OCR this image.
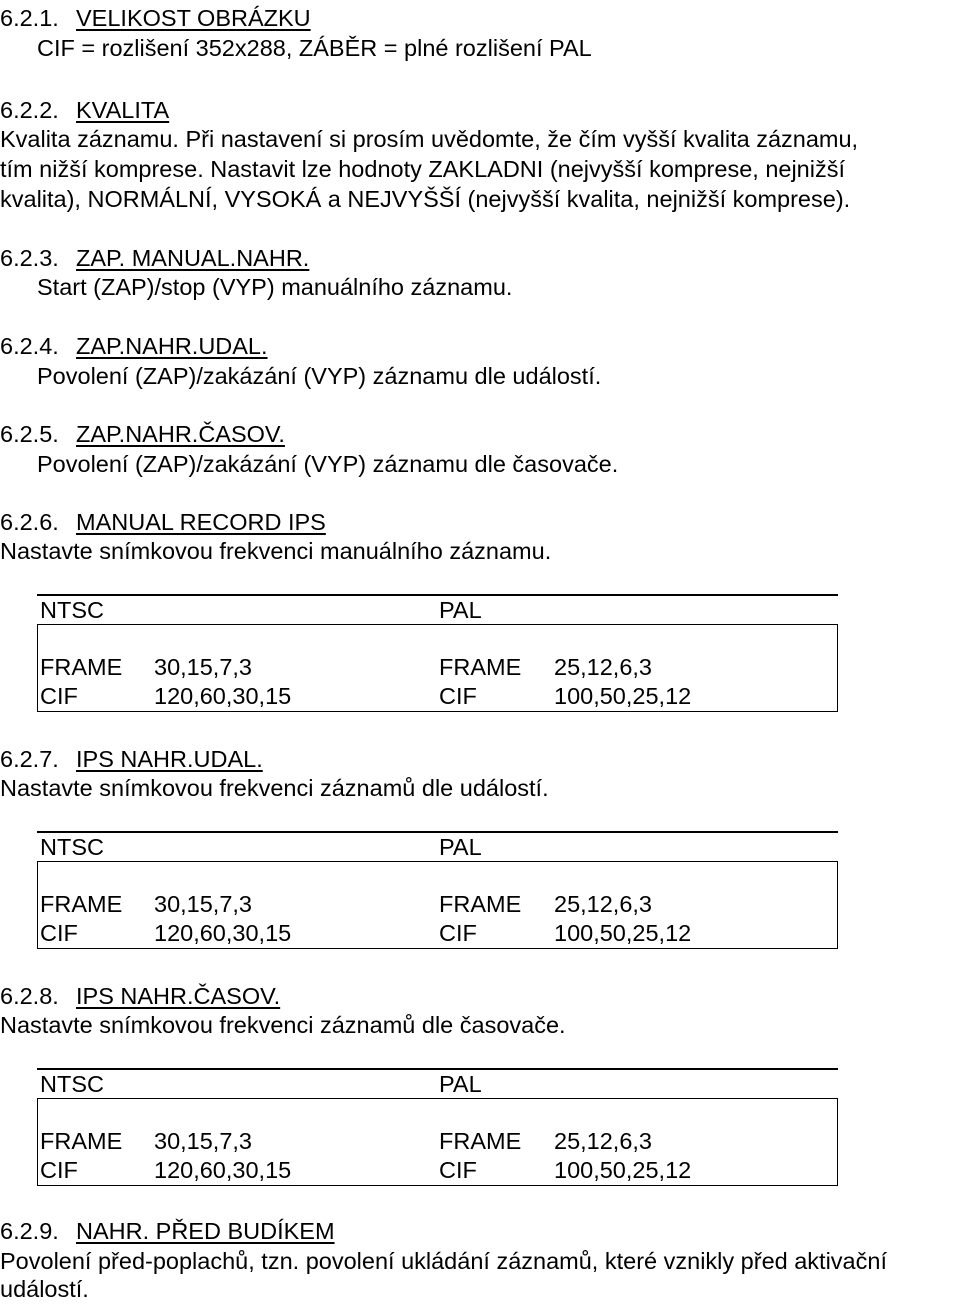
6.2.1. VELIKOST OBRÁZKU
CIF = rozlišení 352x288, ZÁBĚR = plné rozlišení PAL
6.2.2. KVALITA
Kvalita záznamu. Při nastavení si prosím uvědomte, že čím vyšší kvalita záznamu,
tím nižší komprese. Nastavit lze hodnoty ZAKLADNI (nejvyšší komprese, nejnižší
kvalita), NORMÁLNÍ, VYSOKÁ a NEJVYŠŠÍ (nejvyšší kvalita, nejnižší komprese).
6.2.3. ZAP. MANUAL.NAHR.
Start (ZAP)/stop (VYP) manuálního záznamu.
6.2.4. ZAP.NAHR.UDAL.
Povolení (ZAP)/zakázání (VYP) záznamu dle událostí.
6.2.5. ZAP.NAHR.ČASOV.
Povolení (ZAP)/zakázání (VYP) záznamu dle časovače.
6.2.6. MANUAL RECORD IPS
Nastavte snímkovou frekvenci manuálního záznamu.
NTSC	PAL
FRAME 30,15,7,3	FRAME 25,12,6,3
CIF	120,60,30,15	CIF	100,50,25,12
6.2.7. IPS NAHR.UDAL.
Nastavte snímkovou frekvenci záznamů dle událostí.
NTSC	PAL
FRAME 30,15,7,3	FRAME 25,12,6,3
CIF	120,60,30,15	CIF	100,50,25,12
6.2.8. IPS NAHR.ČASOV.
Nastavte snímkovou frekvenci záznamů dle časovače.
NTSC	PAL
FRAME 30,15,7,3	FRAME 25,12,6,3
CIF	120,60,30,15	CIF	100,50,25,12
6.2.9. NAHR. PŘED BUDÍKEM
Povolení před-poplachů, tzn. povolení ukládání záznamů, které vznikly před aktivační
událostí.
